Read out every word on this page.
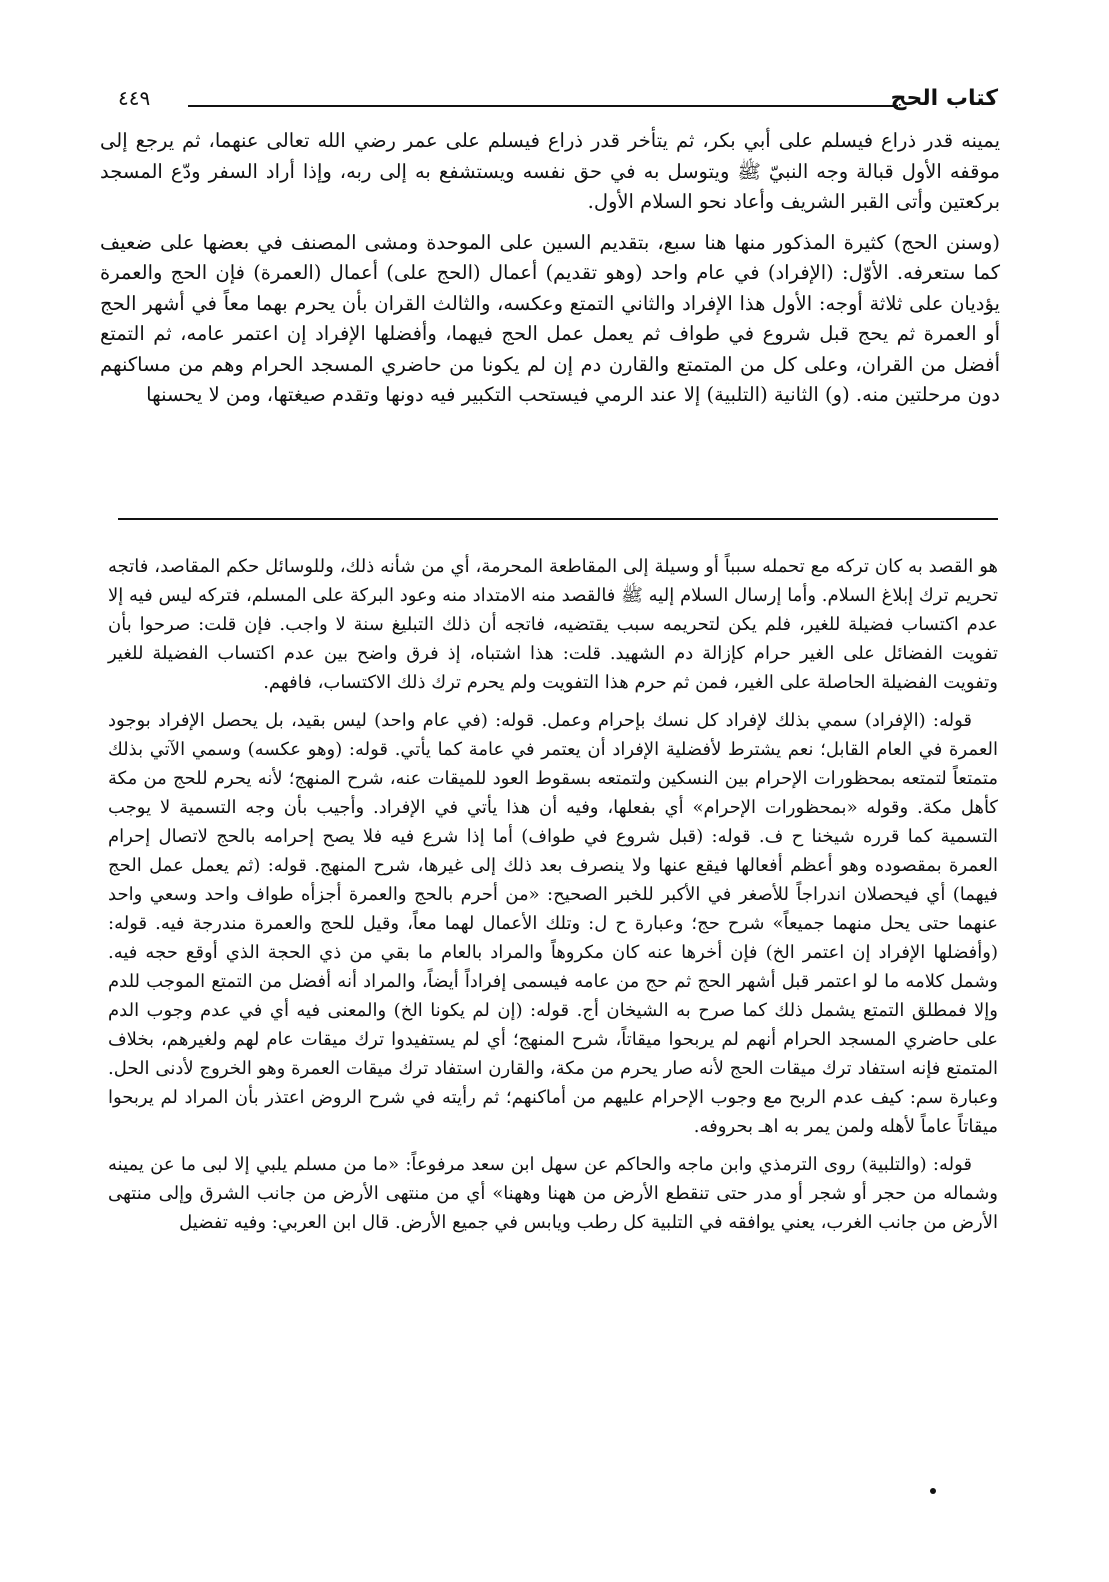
كتاب الحج
٤٤٩

يمينه قدر ذراع فيسلم على أبي بكر، ثم يتأخر قدر ذراع فيسلم على عمر رضي الله تعالى عنهما، ثم يرجع إلى موقفه الأول قبالة وجه النبيّ ﷺ ويتوسل به في حق نفسه ويستشفع به إلى ربه، وإذا أراد السفر ودّع المسجد بركعتين وأتى القبر الشريف وأعاد نحو السلام الأول.

(وسنن الحج) كثيرة المذكور منها هنا سبع، بتقديم السين على الموحدة ومشى المصنف في بعضها على ضعيف كما ستعرفه. الأوّل: (الإفراد) في عام واحد (وهو تقديم) أعمال (الحج على) أعمال (العمرة) فإن الحج والعمرة يؤديان على ثلاثة أوجه: الأول هذا الإفراد والثاني التمتع وعكسه، والثالث القران بأن يحرم بهما معاً في أشهر الحج أو العمرة ثم يحج قبل شروع في طواف ثم يعمل عمل الحج فيهما، وأفضلها الإفراد إن اعتمر عامه، ثم التمتع أفضل من القران، وعلى كل من المتمتع والقارن دم إن لم يكونا من حاضري المسجد الحرام وهم من مساكنهم دون مرحلتين منه. (و) الثانية (التلبية) إلا عند الرمي فيستحب التكبير فيه دونها وتقدم صيغتها، ومن لا يحسنها

هو القصد به كان تركه مع تحمله سبباً أو وسيلة إلى المقاطعة المحرمة، أي من شأنه ذلك، وللوسائل حكم المقاصد، فاتجه تحريم ترك إبلاغ السلام. وأما إرسال السلام إليه ﷺ فالقصد منه الامتداد منه وعود البركة على المسلم، فتركه ليس فيه إلا عدم اكتساب فضيلة للغير، فلم يكن لتحريمه سبب يقتضيه، فاتجه أن ذلك التبليغ سنة لا واجب. فإن قلت: صرحوا بأن تفويت الفضائل على الغير حرام كإزالة دم الشهيد. قلت: هذا اشتباه، إذ فرق واضح بين عدم اكتساب الفضيلة للغير وتفويت الفضيلة الحاصلة على الغير، فمن ثم حرم هذا التفويت ولم يحرم ترك ذلك الاكتساب، فافهم.

قوله: (الإفراد) سمي بذلك لإفراد كل نسك بإحرام وعمل. قوله: (في عام واحد) ليس بقيد، بل يحصل الإفراد بوجود العمرة في العام القابل؛ نعم يشترط لأفضلية الإفراد أن يعتمر في عامة كما يأتي. قوله: (وهو عكسه) وسمي الآتي بذلك متمتعاً لتمتعه بمحظورات الإحرام بين النسكين ولتمتعه بسقوط العود للميقات عنه، شرح المنهج؛ لأنه يحرم للحج من مكة كأهل مكة. وقوله «بمحظورات الإحرام» أي بفعلها، وفيه أن هذا يأتي في الإفراد. وأجيب بأن وجه التسمية لا يوجب التسمية كما قرره شيخنا ح ف. قوله: (قبل شروع في طواف) أما إذا شرع فيه فلا يصح إحرامه بالحج لاتصال إحرام العمرة بمقصوده وهو أعظم أفعالها فيقع عنها ولا ينصرف بعد ذلك إلى غيرها، شرح المنهج. قوله: (ثم يعمل عمل الحج فيهما) أي فيحصلان اندراجاً للأصغر في الأكبر للخبر الصحيح: «من أحرم بالحج والعمرة أجزأه طواف واحد وسعي واحد عنهما حتى يحل منهما جميعاً» شرح حج؛ وعبارة ح ل: وتلك الأعمال لهما معاً، وقيل للحج والعمرة مندرجة فيه. قوله: (وأفضلها الإفراد إن اعتمر الخ) فإن أخرها عنه كان مكروهاً والمراد بالعام ما بقي من ذي الحجة الذي أوقع حجه فيه. وشمل كلامه ما لو اعتمر قبل أشهر الحج ثم حج من عامه فيسمى إفراداً أيضاً، والمراد أنه أفضل من التمتع الموجب للدم وإلا فمطلق التمتع يشمل ذلك كما صرح به الشيخان أج. قوله: (إن لم يكونا الخ) والمعنى فيه أي في عدم وجوب الدم على حاضري المسجد الحرام أنهم لم يربحوا ميقاتاً، شرح المنهج؛ أي لم يستفيدوا ترك ميقات عام لهم ولغيرهم، بخلاف المتمتع فإنه استفاد ترك ميقات الحج لأنه صار يحرم من مكة، والقارن استفاد ترك ميقات العمرة وهو الخروج لأدنى الحل. وعبارة سم: كيف عدم الربح مع وجوب الإحرام عليهم من أماكنهم؛ ثم رأيته في شرح الروض اعتذر بأن المراد لم يربحوا ميقاتاً عاماً لأهله ولمن يمر به اهـ بحروفه.

قوله: (والتلبية) روى الترمذي وابن ماجه والحاكم عن سهل ابن سعد مرفوعاً: «ما من مسلم يلبي إلا لبى ما عن يمينه وشماله من حجر أو شجر أو مدر حتى تنقطع الأرض من ههنا وههنا» أي من منتهى الأرض من جانب الشرق وإلى منتهى الأرض من جانب الغرب، يعني يوافقه في التلبية كل رطب ويابس في جميع الأرض. قال ابن العربي: وفيه تفضيل
